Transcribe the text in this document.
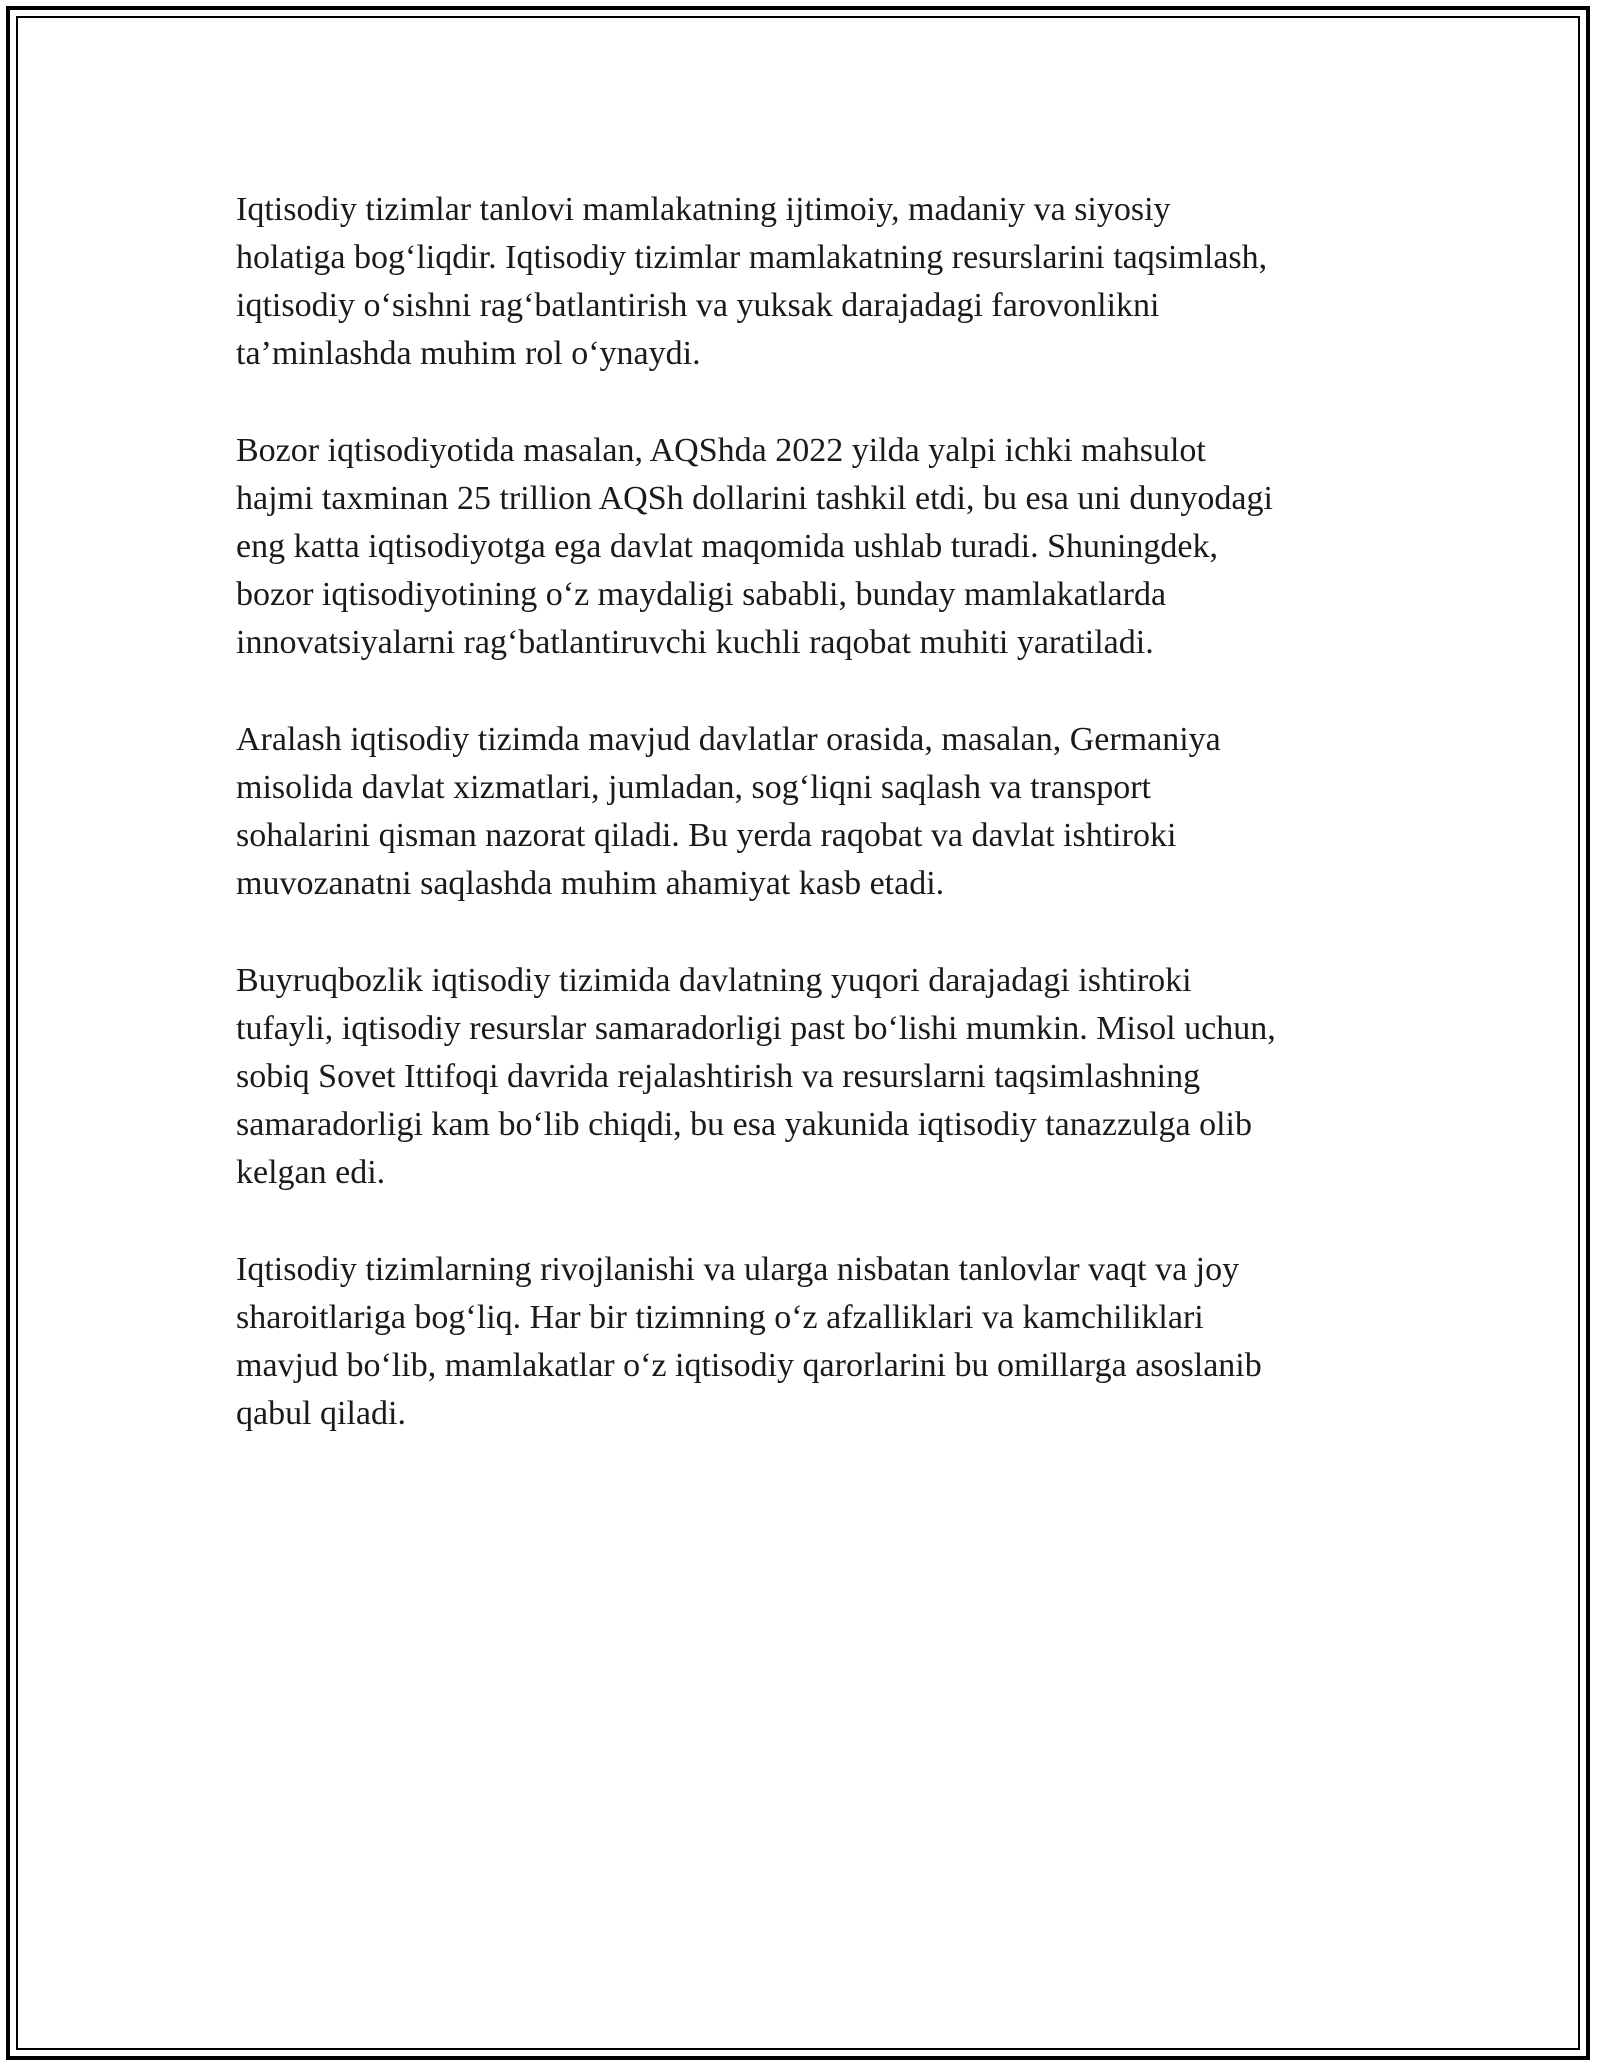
Iqtisodiy tizimlar tanlovi mamlakatning ijtimoiy, madaniy va siyosiy
holatiga bog‘liqdir. Iqtisodiy tizimlar mamlakatning resurslarini taqsimlash,
iqtisodiy o‘sishni rag‘batlantirish va yuksak darajadagi farovonlikni
ta’minlashda muhim rol o‘ynaydi.

Bozor iqtisodiyotida masalan, AQShda 2022 yilda yalpi ichki mahsulot
hajmi taxminan 25 trillion AQSh dollarini tashkil etdi, bu esa uni dunyodagi
eng katta iqtisodiyotga ega davlat maqomida ushlab turadi. Shuningdek,
bozor iqtisodiyotining o‘z maydaligi sababli, bunday mamlakatlarda
innovatsiyalarni rag‘batlantiruvchi kuchli raqobat muhiti yaratiladi.

Aralash iqtisodiy tizimda mavjud davlatlar orasida, masalan, Germaniya
misolida davlat xizmatlari, jumladan, sog‘liqni saqlash va transport
sohalarini qisman nazorat qiladi. Bu yerda raqobat va davlat ishtiroki
muvozanatni saqlashda muhim ahamiyat kasb etadi.

Buyruqbozlik iqtisodiy tizimida davlatning yuqori darajadagi ishtiroki
tufayli, iqtisodiy resurslar samaradorligi past bo‘lishi mumkin. Misol uchun,
sobiq Sovet Ittifoqi davrida rejalashtirish va resurslarni taqsimlashning
samaradorligi kam bo‘lib chiqdi, bu esa yakunida iqtisodiy tanazzulga olib
kelgan edi.

Iqtisodiy tizimlarning rivojlanishi va ularga nisbatan tanlovlar vaqt va joy
sharoitlariga bog‘liq. Har bir tizimning o‘z afzalliklari va kamchiliklari
mavjud bo‘lib, mamlakatlar o‘z iqtisodiy qarorlarini bu omillarga asoslanib
qabul qiladi.
